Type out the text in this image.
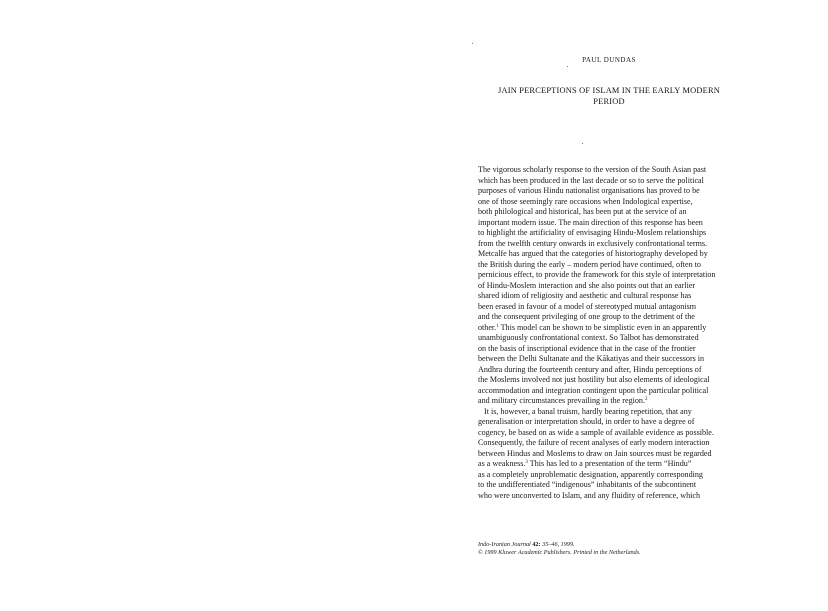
PAUL DUNDAS
JAIN PERCEPTIONS OF ISLAM IN THE EARLY MODERN
PERIOD
The vigorous scholarly response to the version of the South Asian past
which has been produced in the last decade or so to serve the political
purposes of various Hindu nationalist organisations has proved to be
one of those seemingly rare occasions when Indological expertise,
both philological and historical, has been put at the service of an
important modern issue. The main direction of this response has been
to highlight the artificiality of envisaging Hindu-Moslem relationships
from the twelfth century onwards in exclusively confrontational terms.
Metcalfe has argued that the categories of historiography developed by
the British during the early – modern period have continued, often to
pernicious effect, to provide the framework for this style of interpretation
of Hindu-Moslem interaction and she also points out that an earlier
shared idiom of religiosity and aesthetic and cultural response has
been erased in favour of a model of stereotyped mutual antagonism
and the consequent privileging of one group to the detriment of the
other.$^1$ This model can be shown to be simplistic even in an apparently
unambiguously confrontational context. So Talbot has demonstrated
on the basis of inscriptional evidence that in the case of the frontier
between the Delhi Sultanate and the Kākatiyas and their successors in
Andhra during the fourteenth century and after, Hindu perceptions of
the Moslems involved not just hostility but also elements of ideological
accommodation and integration contingent upon the particular political
and military circumstances prevailing in the region.$^2$
It is, however, a banal truism, hardly bearing repetition, that any
generalisation or interpretation should, in order to have a degree of
cogency, be based on as wide a sample of available evidence as possible.
Consequently, the failure of recent analyses of early modern interaction
between Hindus and Moslems to draw on Jain sources must be regarded
as a weakness.$^3$ This has led to a presentation of the term “Hindu”
as a completely unproblematic designation, apparently corresponding
to the undifferentiated “indigenous” inhabitants of the subcontinent
who were unconverted to Islam, and any fluidity of reference, which
Indo-Iranian Journal 42: 35–46, 1999.
© 1999 Kluwer Academic Publishers. Printed in the Netherlands.
